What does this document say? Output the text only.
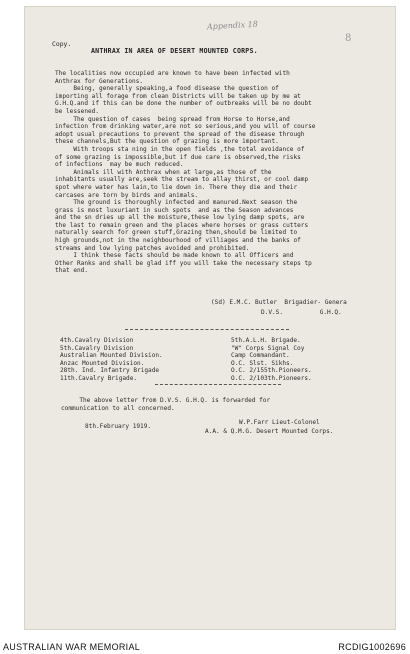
Appendix 18
8
Copy.
ANTHRAX IN AREA OF DESERT MOUNTED CORPS.
The localities now occupied are known to have been infected with
Anthrax for Generations.
Being, generally speaking,a food disease the question of
importing all forage from clean Districts will be taken up by me at
G.H.Q.and if this can be done the number of outbreaks will be no doubt
be lessened.
The question of cases  being spread from Horse to Horse,and
infection from drinking water,are not so serious,and you will of course
adopt usual precautions to prevent the spread of the disease through
these channels,But the question of grazing is more important.
With troops sta ning in the open fields ,the total avoidance of
of some grazing is impossible,but if due care is observed,the risks
of infections  may be much reduced.
Animals ill with Anthrax when at large,as those of the
inhabitants usually are,seek the stream to allay thirst, or cool damp
spot where water has lain,to lie down in. There they die and their
carcases are torn by birds and animals.
The ground is thoroughly infected and manured.Next season the
grass is most luxuriant in such spots  and as the Season advances
and the sn dries up all the moisture,these low lying damp spots, are
the last to remain green and the places where horses or grass cutters
naturally search for green stuff,Grazing then,should be limited to
high grounds,not in the neighbourhood of villiages and the banks of
streams and low lying patches avoided and prohibited.
I think these facts should be made known to all Officers and
Other Ranks and shall be glad iff you will take the necessary steps tp
that end.
(Sd) E.M.C. Butler  Brigadier- Genera
D.V.S.          G.H.Q.
4th.Cavalry Division
5th.Cavalry Division
Australian Mounted Division.
Anzac Mounted Division.
28th. Ind. Infantry Brigade
11th.Cavalry Brigade.
5th.A.L.H. Brigade.
"W" Corps Signal Coy
Camp Commandant.
O.C. Slst. Sikhs.
O.C. 2/155th.Pioneers.
O.C. 2/103th.Pioneers.
The above letter from D.V.S. G.H.Q. is forwarded for
communication to all concerned.
8th.February 1919.
W.P.Farr Lieut-Colonel
A.A. & Q.M.G. Desert Mounted Corps.
AUSTRALIAN WAR MEMORIAL	RCDIG1002696
